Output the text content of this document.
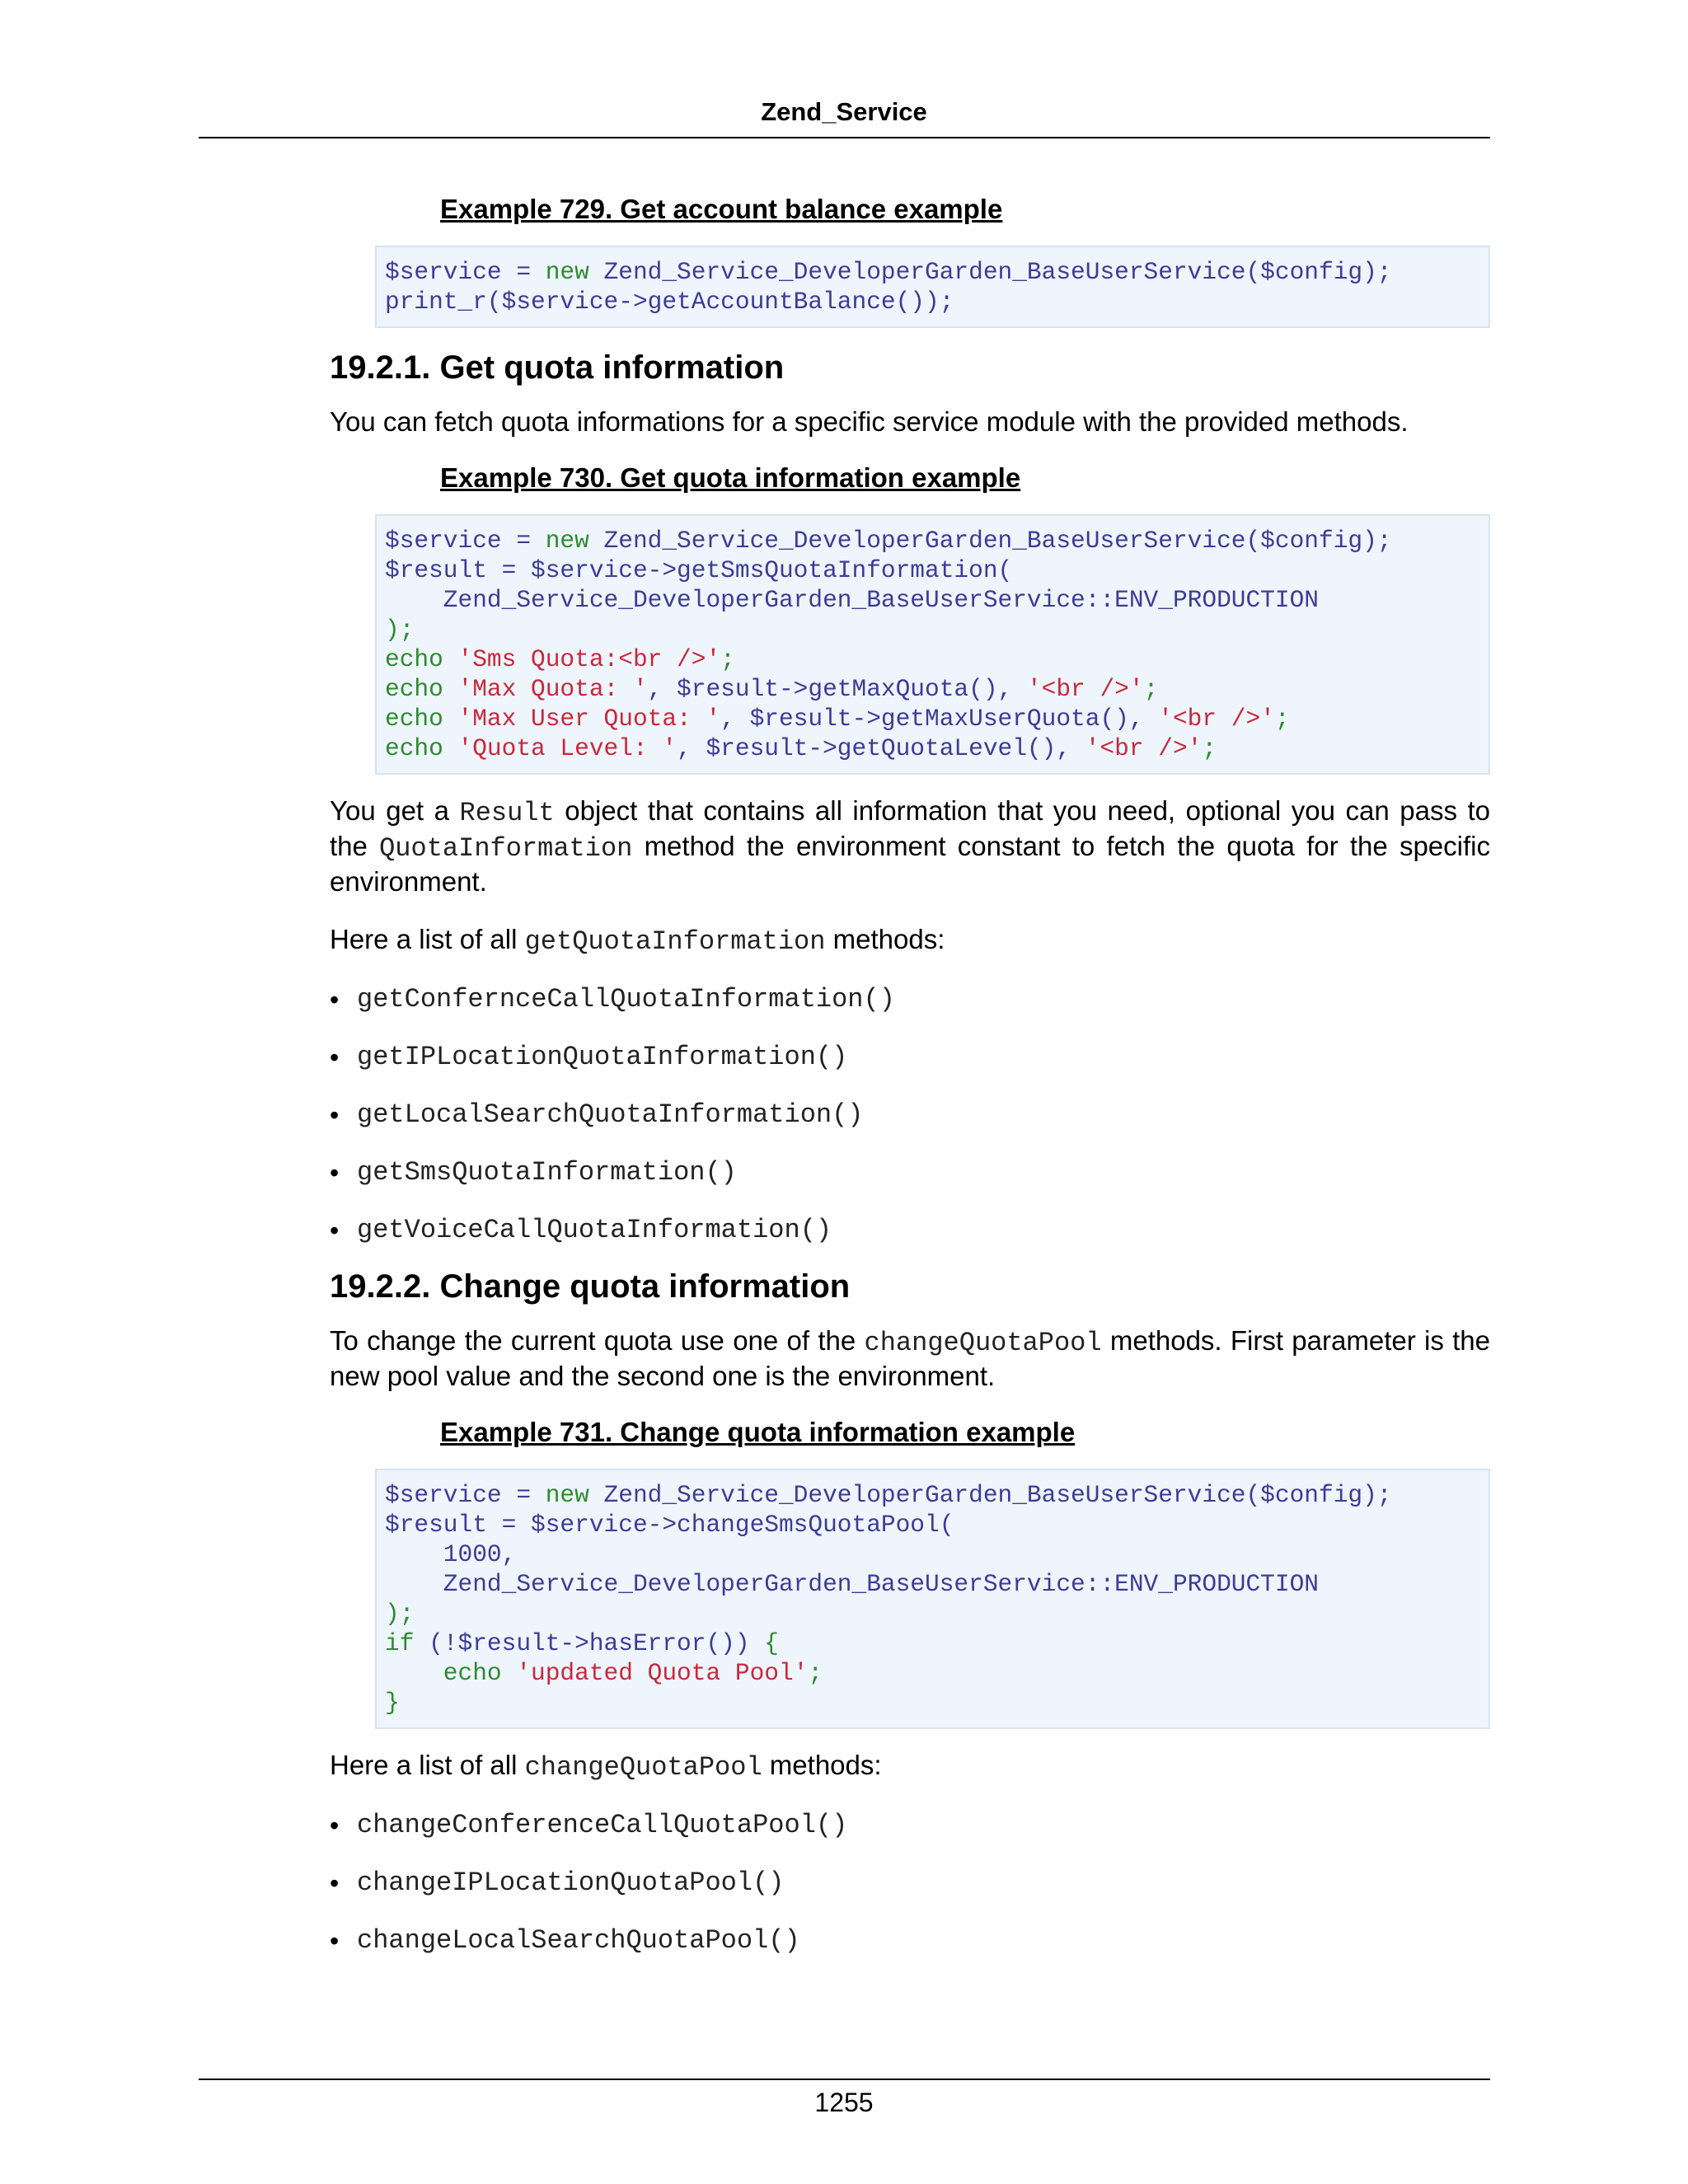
Zend_Service
Example 729. Get account balance example
$service = new Zend_Service_DeveloperGarden_BaseUserService($config);
print_r($service->getAccountBalance());
19.2.1. Get quota information

You can fetch quota informations for a specific service module with the provided methods.

Example 730. Get quota information example
$service = new Zend_Service_DeveloperGarden_BaseUserService($config);
$result = $service->getSmsQuotaInformation(
Zend_Service_DeveloperGarden_BaseUserService::ENV_PRODUCTION
);
echo 'Sms Quota:<br />';
echo 'Max Quota: ', $result->getMaxQuota(), '<br />';
echo 'Max User Quota: ', $result->getMaxUserQuota(), '<br />';
echo 'Quota Level: ', $result->getQuotaLevel(), '<br />';

You get a Result object that contains all information that you need, optional you can pass to the QuotaInformation method the environment constant to fetch the quota for the specific environment.

Here a list of all getQuotaInformation methods:

• getConfernceCallQuotaInformation()
• getIPLocationQuotaInformation()
• getLocalSearchQuotaInformation()
• getSmsQuotaInformation()
• getVoiceCallQuotaInformation()
19.2.2. Change quota information

To change the current quota use one of the changeQuotaPool methods. First parameter is the new pool value and the second one is the environment.

Example 731. Change quota information example
$service = new Zend_Service_DeveloperGarden_BaseUserService($config);
$result = $service->changeSmsQuotaPool(
1000,
Zend_Service_DeveloperGarden_BaseUserService::ENV_PRODUCTION
);
if (!$result->hasError()) {
echo 'updated Quota Pool';
}

Here a list of all changeQuotaPool methods:

• changeConferenceCallQuotaPool()
• changeIPLocationQuotaPool()
• changeLocalSearchQuotaPool()
1255
